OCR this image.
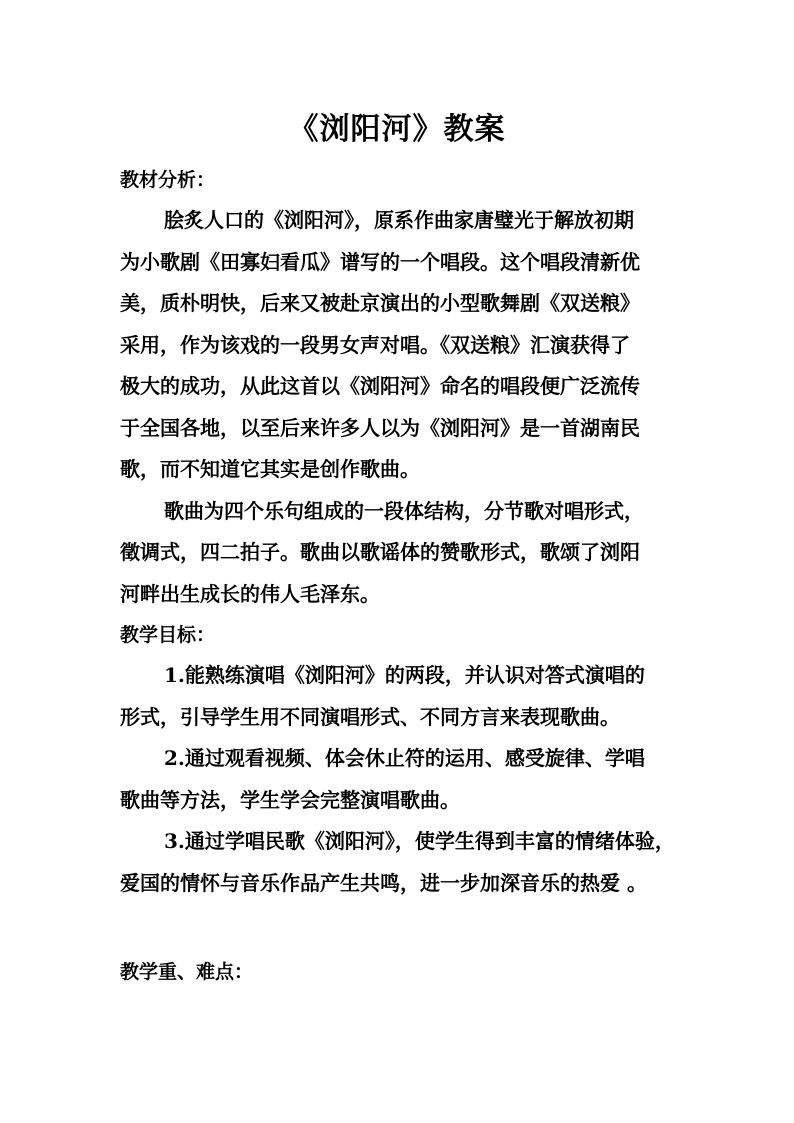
《浏阳河》教案
教材分析：
脍炙人口的《浏阳河》，原系作曲家唐璧光于解放初期
为小歌剧《田寡妇看瓜》谱写的一个唱段。这个唱段清新优
美，质朴明快，后来又被赴京演出的小型歌舞剧《双送粮》
采用，作为该戏的一段男女声对唱。《双送粮》汇演获得了
极大的成功，从此这首以《浏阳河》命名的唱段便广泛流传
于全国各地，以至后来许多人以为《浏阳河》是一首湖南民
歌，而不知道它其实是创作歌曲。
歌曲为四个乐句组成的一段体结构，分节歌对唱形式，
徵调式，四二拍子。歌曲以歌谣体的赞歌形式，歌颂了浏阳
河畔出生成长的伟人毛泽东。
教学目标：
1.能熟练演唱《浏阳河》的两段，并认识对答式演唱的
形式，引导学生用不同演唱形式、不同方言来表现歌曲。
2.通过观看视频、体会休止符的运用、感受旋律、学唱
歌曲等方法，学生学会完整演唱歌曲。
3.通过学唱民歌《浏阳河》，使学生得到丰富的情绪体验，
爱国的情怀与音乐作品产生共鸣，进一步加深音乐的热爱 。
教学重、难点：
